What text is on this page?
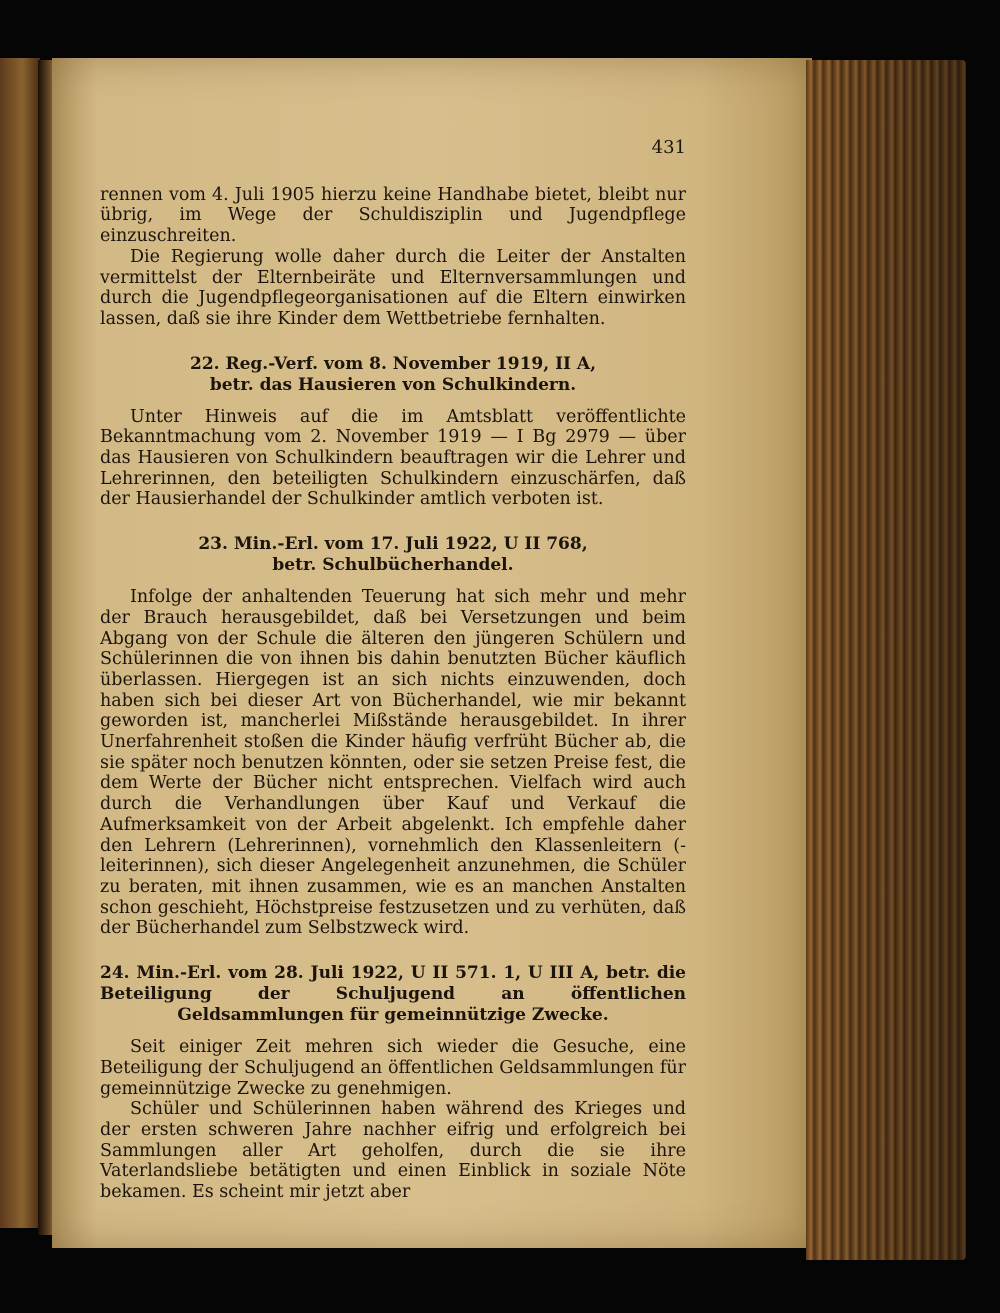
431

rennen vom 4. Juli 1905 hierzu keine Handhabe bietet, bleibt nur übrig, im Wege der Schuldisziplin und Jugendpflege einzuschreiten.

Die Regierung wolle daher durch die Leiter der Anstalten vermittelst der Elternbeiräte und Elternversammlungen und durch die Jugendpflegeorganisationen auf die Eltern einwirken lassen, daß sie ihre Kinder dem Wettbetriebe fernhalten.

22. Reg.-Verf. vom 8. November 1919, II A,
betr. das Hausieren von Schulkindern.

Unter Hinweis auf die im Amtsblatt veröffentlichte Bekanntmachung vom 2. November 1919 — I Bg 2979 — über das Hausieren von Schulkindern beauftragen wir die Lehrer und Lehrerinnen, den beteiligten Schulkindern einzuschärfen, daß der Hausierhandel der Schulkinder amtlich verboten ist.

23. Min.-Erl. vom 17. Juli 1922, U II 768,
betr. Schulbücherhandel.

Infolge der anhaltenden Teuerung hat sich mehr und mehr der Brauch herausgebildet, daß bei Versetzungen und beim Abgang von der Schule die älteren den jüngeren Schülern und Schülerinnen die von ihnen bis dahin benutzten Bücher käuflich überlassen. Hiergegen ist an sich nichts einzuwenden, doch haben sich bei dieser Art von Bücherhandel, wie mir bekannt geworden ist, mancherlei Mißstände herausgebildet. In ihrer Unerfahrenheit stoßen die Kinder häufig verfrüht Bücher ab, die sie später noch benutzen könnten, oder sie setzen Preise fest, die dem Werte der Bücher nicht entsprechen. Vielfach wird auch durch die Verhandlungen über Kauf und Verkauf die Aufmerksamkeit von der Arbeit abgelenkt. Ich empfehle daher den Lehrern (Lehrerinnen), vornehmlich den Klassenleitern (-leiterinnen), sich dieser Angelegenheit anzunehmen, die Schüler zu beraten, mit ihnen zusammen, wie es an manchen Anstalten schon geschieht, Höchstpreise festzusetzen und zu verhüten, daß der Bücherhandel zum Selbstzweck wird.

24. Min.-Erl. vom 28. Juli 1922, U II 571. 1, U III A, betr. die Beteiligung der Schuljugend an öffentlichen Geldsammlungen für gemeinnützige Zwecke.

Seit einiger Zeit mehren sich wieder die Gesuche, eine Beteiligung der Schuljugend an öffentlichen Geldsammlungen für gemeinnützige Zwecke zu genehmigen.

Schüler und Schülerinnen haben während des Krieges und der ersten schweren Jahre nachher eifrig und erfolgreich bei Sammlungen aller Art geholfen, durch die sie ihre Vaterlandsliebe betätigten und einen Einblick in soziale Nöte bekamen. Es scheint mir jetzt aber
